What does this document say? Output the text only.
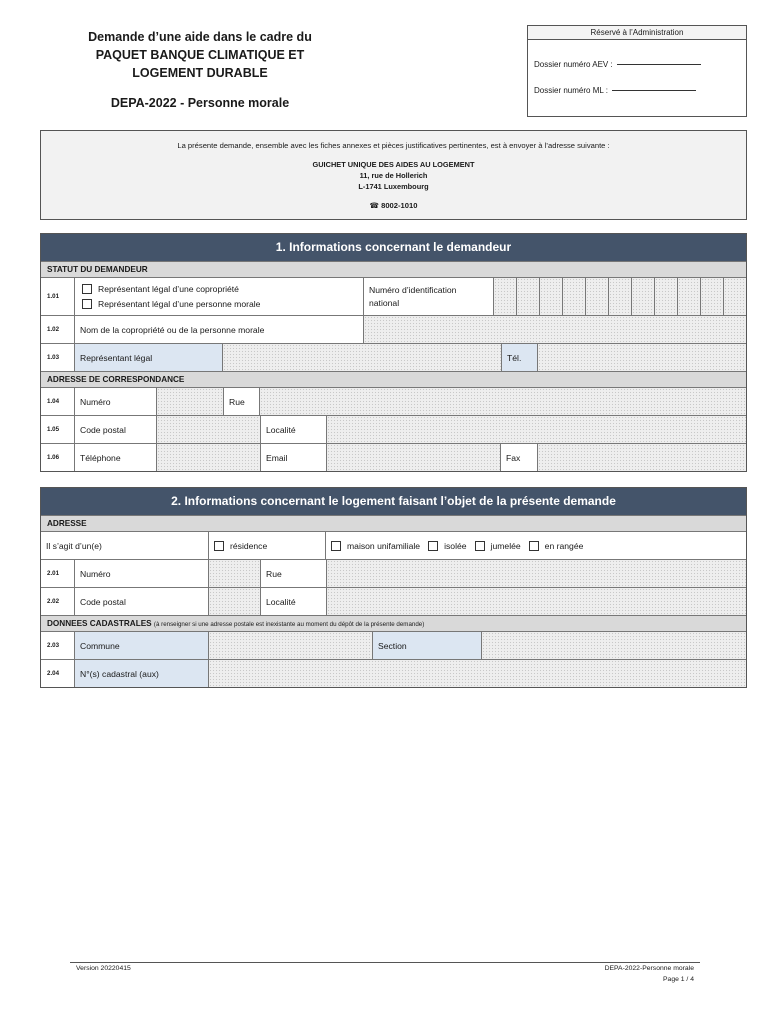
Demande d’une aide dans le cadre du
PAQUET BANQUE CLIMATIQUE ET
LOGEMENT DURABLE
DEPA-2022 - Personne morale
Réservé à l’Administration
Dossier numéro AEV :
Dossier numéro ML :
La présente demande, ensemble avec les fiches annexes et pièces justificatives pertinentes, est à envoyer à l’adresse suivante :
GUICHET UNIQUE DES AIDES AU LOGEMENT
11, rue de Hollerich
L-1741 Luxembourg
☎ 8002-1010
1. Informations concernant le demandeur
STATUT DU DEMANDEUR
1.01
Représentant légal d’une copropriété
Représentant légal d’une personne morale
Numéro d’identification national
1.02	Nom de la copropriété ou de la personne morale
1.03	Représentant légal	Tél.
ADRESSE DE CORRESPONDANCE
1.04	Numéro	Rue
1.05	Code postal	Localité
1.06	Téléphone	Email	Fax
2. Informations concernant le logement faisant l’objet de la présente demande
ADRESSE
Il s’agit d’un(e)	résidence	maison unifamiliale	isolée	jumelée	en rangée
2.01	Numéro	Rue
2.02	Code postal	Localité
DONNEES CADASTRALES (à renseigner si une adresse postale est inexistante au moment du dépôt de la présente demande)
2.03	Commune	Section
2.04	N°(s) cadastral (aux)
Version 20220415	DEPA-2022-Personne morale
Page 1 / 4
